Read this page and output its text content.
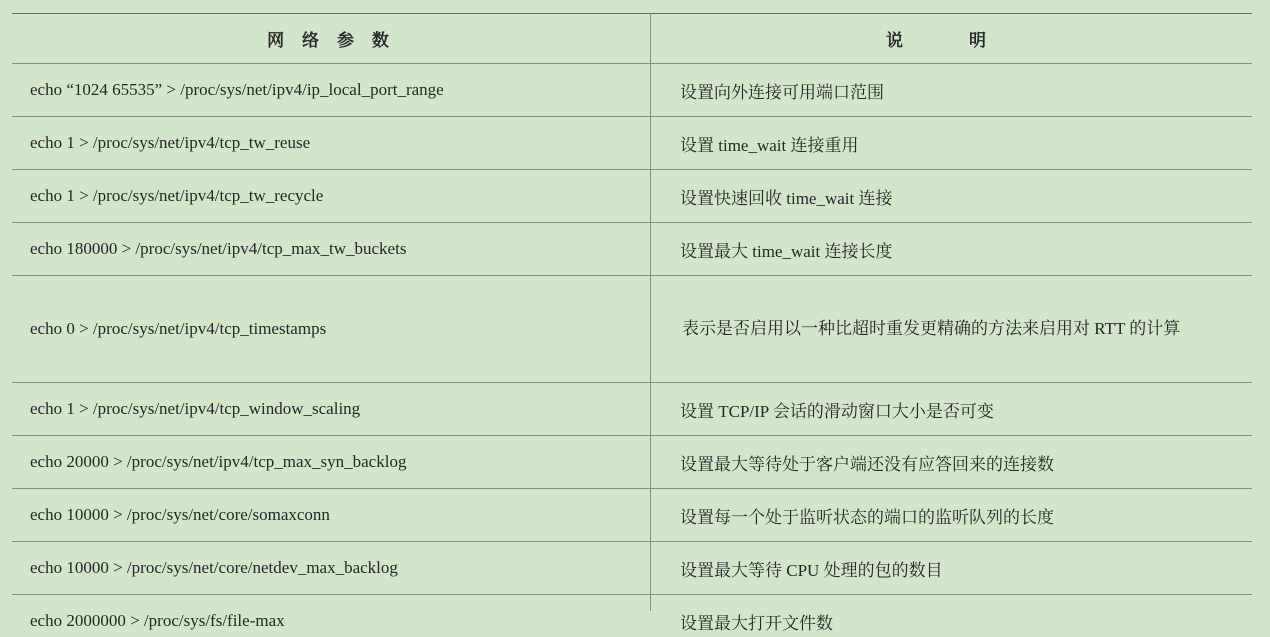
网 络 参 数	说 明
echo “1024 65535” > /proc/sys/net/ipv4/ip_local_port_range	设置向外连接可用端口范围
echo 1 > /proc/sys/net/ipv4/tcp_tw_reuse	设置 time_wait 连接重用
echo 1 > /proc/sys/net/ipv4/tcp_tw_recycle	设置快速回收 time_wait 连接
echo 180000 > /proc/sys/net/ipv4/tcp_max_tw_buckets	设置最大 time_wait 连接长度
echo 0 > /proc/sys/net/ipv4/tcp_timestamps	表示是否启用以一种比超时重发更精确的方法来启用对 RTT 的计算
echo 1 > /proc/sys/net/ipv4/tcp_window_scaling	设置 TCP/IP 会话的滑动窗口大小是否可变
echo 20000 > /proc/sys/net/ipv4/tcp_max_syn_backlog	设置最大等待处于客户端还没有应答回来的连接数
echo 10000 > /proc/sys/net/core/somaxconn	设置每一个处于监听状态的端口的监听队列的长度
echo 10000 > /proc/sys/net/core/netdev_max_backlog	设置最大等待 CPU 处理的包的数目
echo 2000000 > /proc/sys/fs/file-max	设置最大打开文件数
